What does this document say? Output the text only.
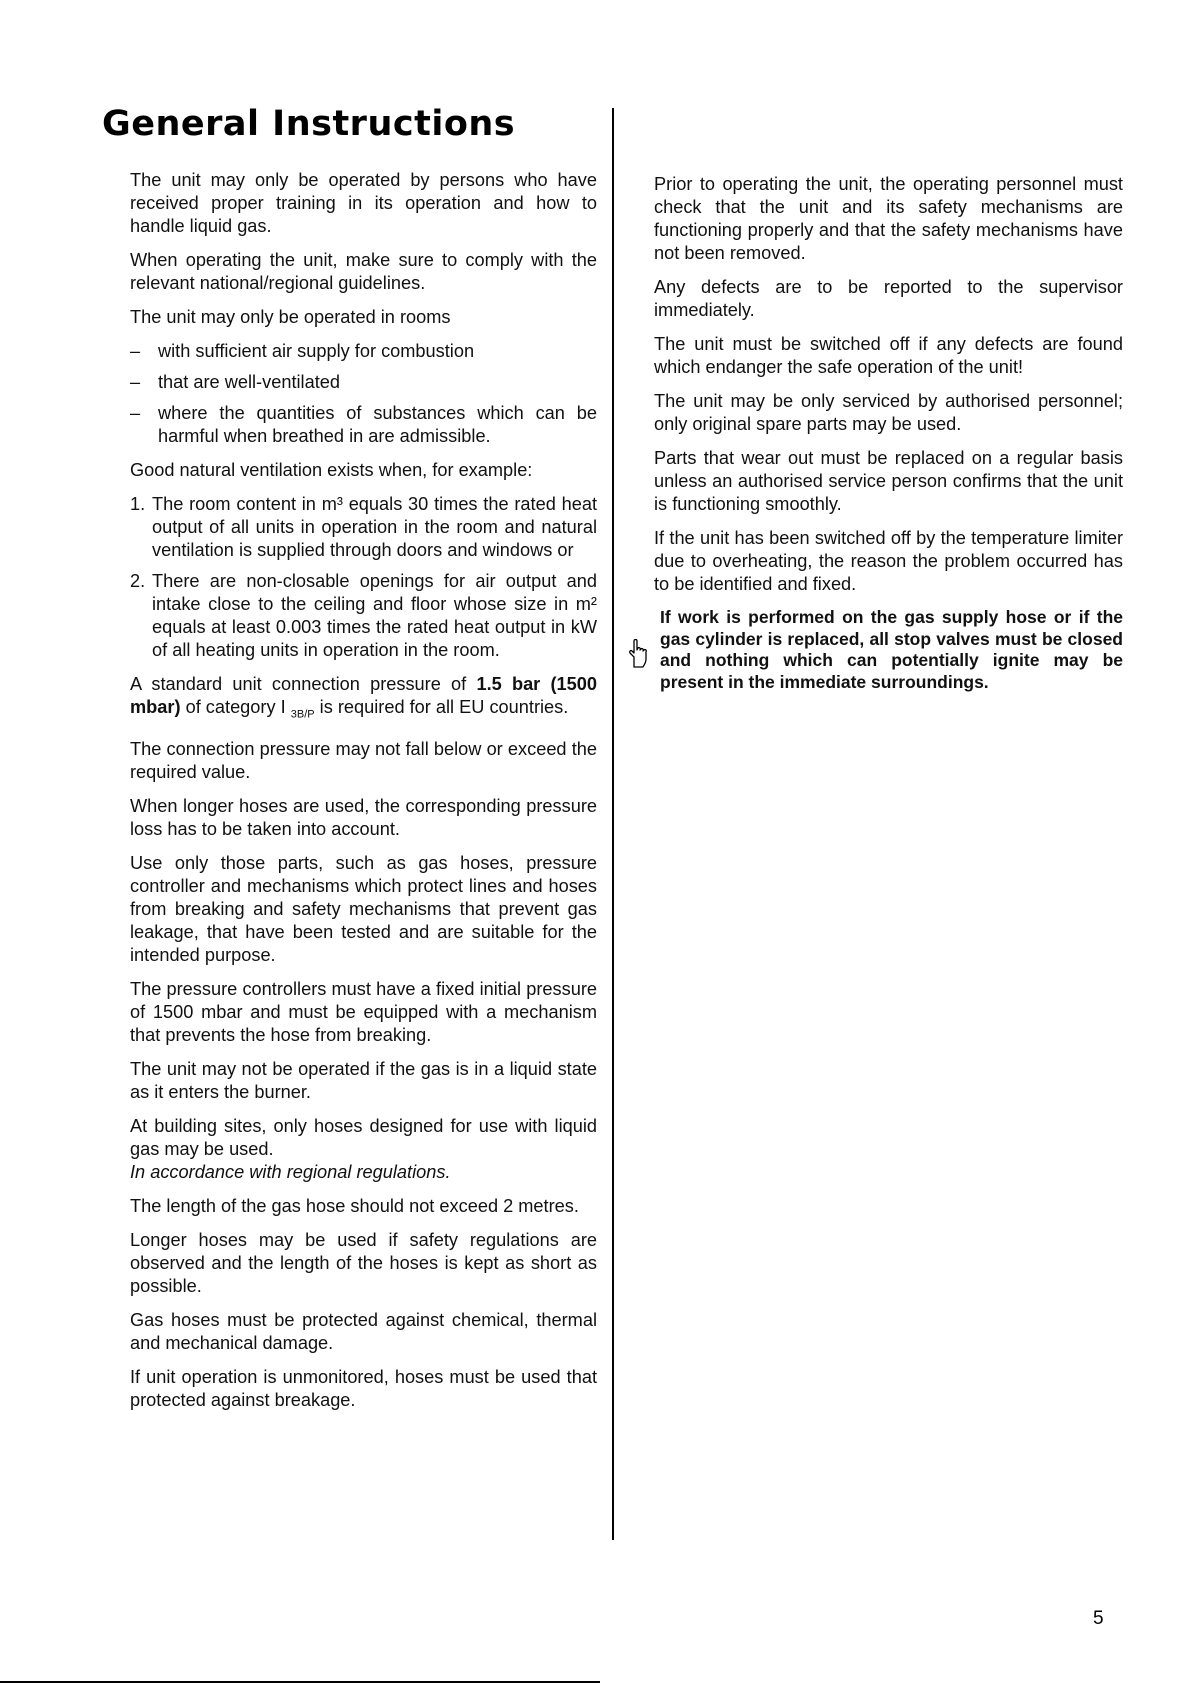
General Instructions

The unit may only be operated by persons who have received proper training in its operation and how to handle liquid gas.

When operating the unit, make sure to comply with the relevant national/regional guidelines.

The unit may only be operated in rooms

– with sufficient air supply for combustion
– that are well-ventilated
– where the quantities of substances which can be harmful when breathed in are admissible.

Good natural ventilation exists when, for example:

1. The room content in m³ equals 30 times the rated heat output of all units in operation in the room and natural ventilation is supplied through doors and windows or
2. There are non-closable openings for air output and intake close to the ceiling and floor whose size in m² equals at least 0.003 times the rated heat output in kW of all heating units in operation in the room.

A standard unit connection pressure of 1.5 bar (1500 mbar) of category I $_{3B/P}$ is required for all EU countries.

The connection pressure may not fall below or exceed the required value.

When longer hoses are used, the corresponding pressure loss has to be taken into account.

Use only those parts, such as gas hoses, pressure controller and mechanisms which protect lines and hoses from breaking and safety mechanisms that prevent gas leakage, that have been tested and are suitable for the intended purpose.

The pressure controllers must have a fixed initial pressure of 1500 mbar and must be equipped with a mechanism that prevents the hose from breaking.

The unit may not be operated if the gas is in a liquid state as it enters the burner.

At building sites, only hoses designed for use with liquid gas may be used.
In accordance with regional regulations.

The length of the gas hose should not exceed 2 metres.

Longer hoses may be used if safety regulations are observed and the length of the hoses is kept as short as possible.

Gas hoses must be protected against chemical, thermal and mechanical damage.

If unit operation is unmonitored, hoses must be used that protected against breakage.

Prior to operating the unit, the operating personnel must check that the unit and its safety mechanisms are functioning properly and that the safety mechanisms have not been removed.

Any defects are to be reported to the supervisor immediately.

The unit must be switched off if any defects are found which endanger the safe operation of the unit!

The unit may be only serviced by authorised personnel; only original spare parts may be used.

Parts that wear out must be replaced on a regular basis unless an authorised service person confirms that the unit is functioning smoothly.

If the unit has been switched off by the temperature limiter due to overheating, the reason the problem occurred has to be identified and fixed.

If work is performed on the gas supply hose or if the gas cylinder is replaced, all stop valves must be closed and nothing which can potentially ignite may be present in the immediate surroundings.
5
